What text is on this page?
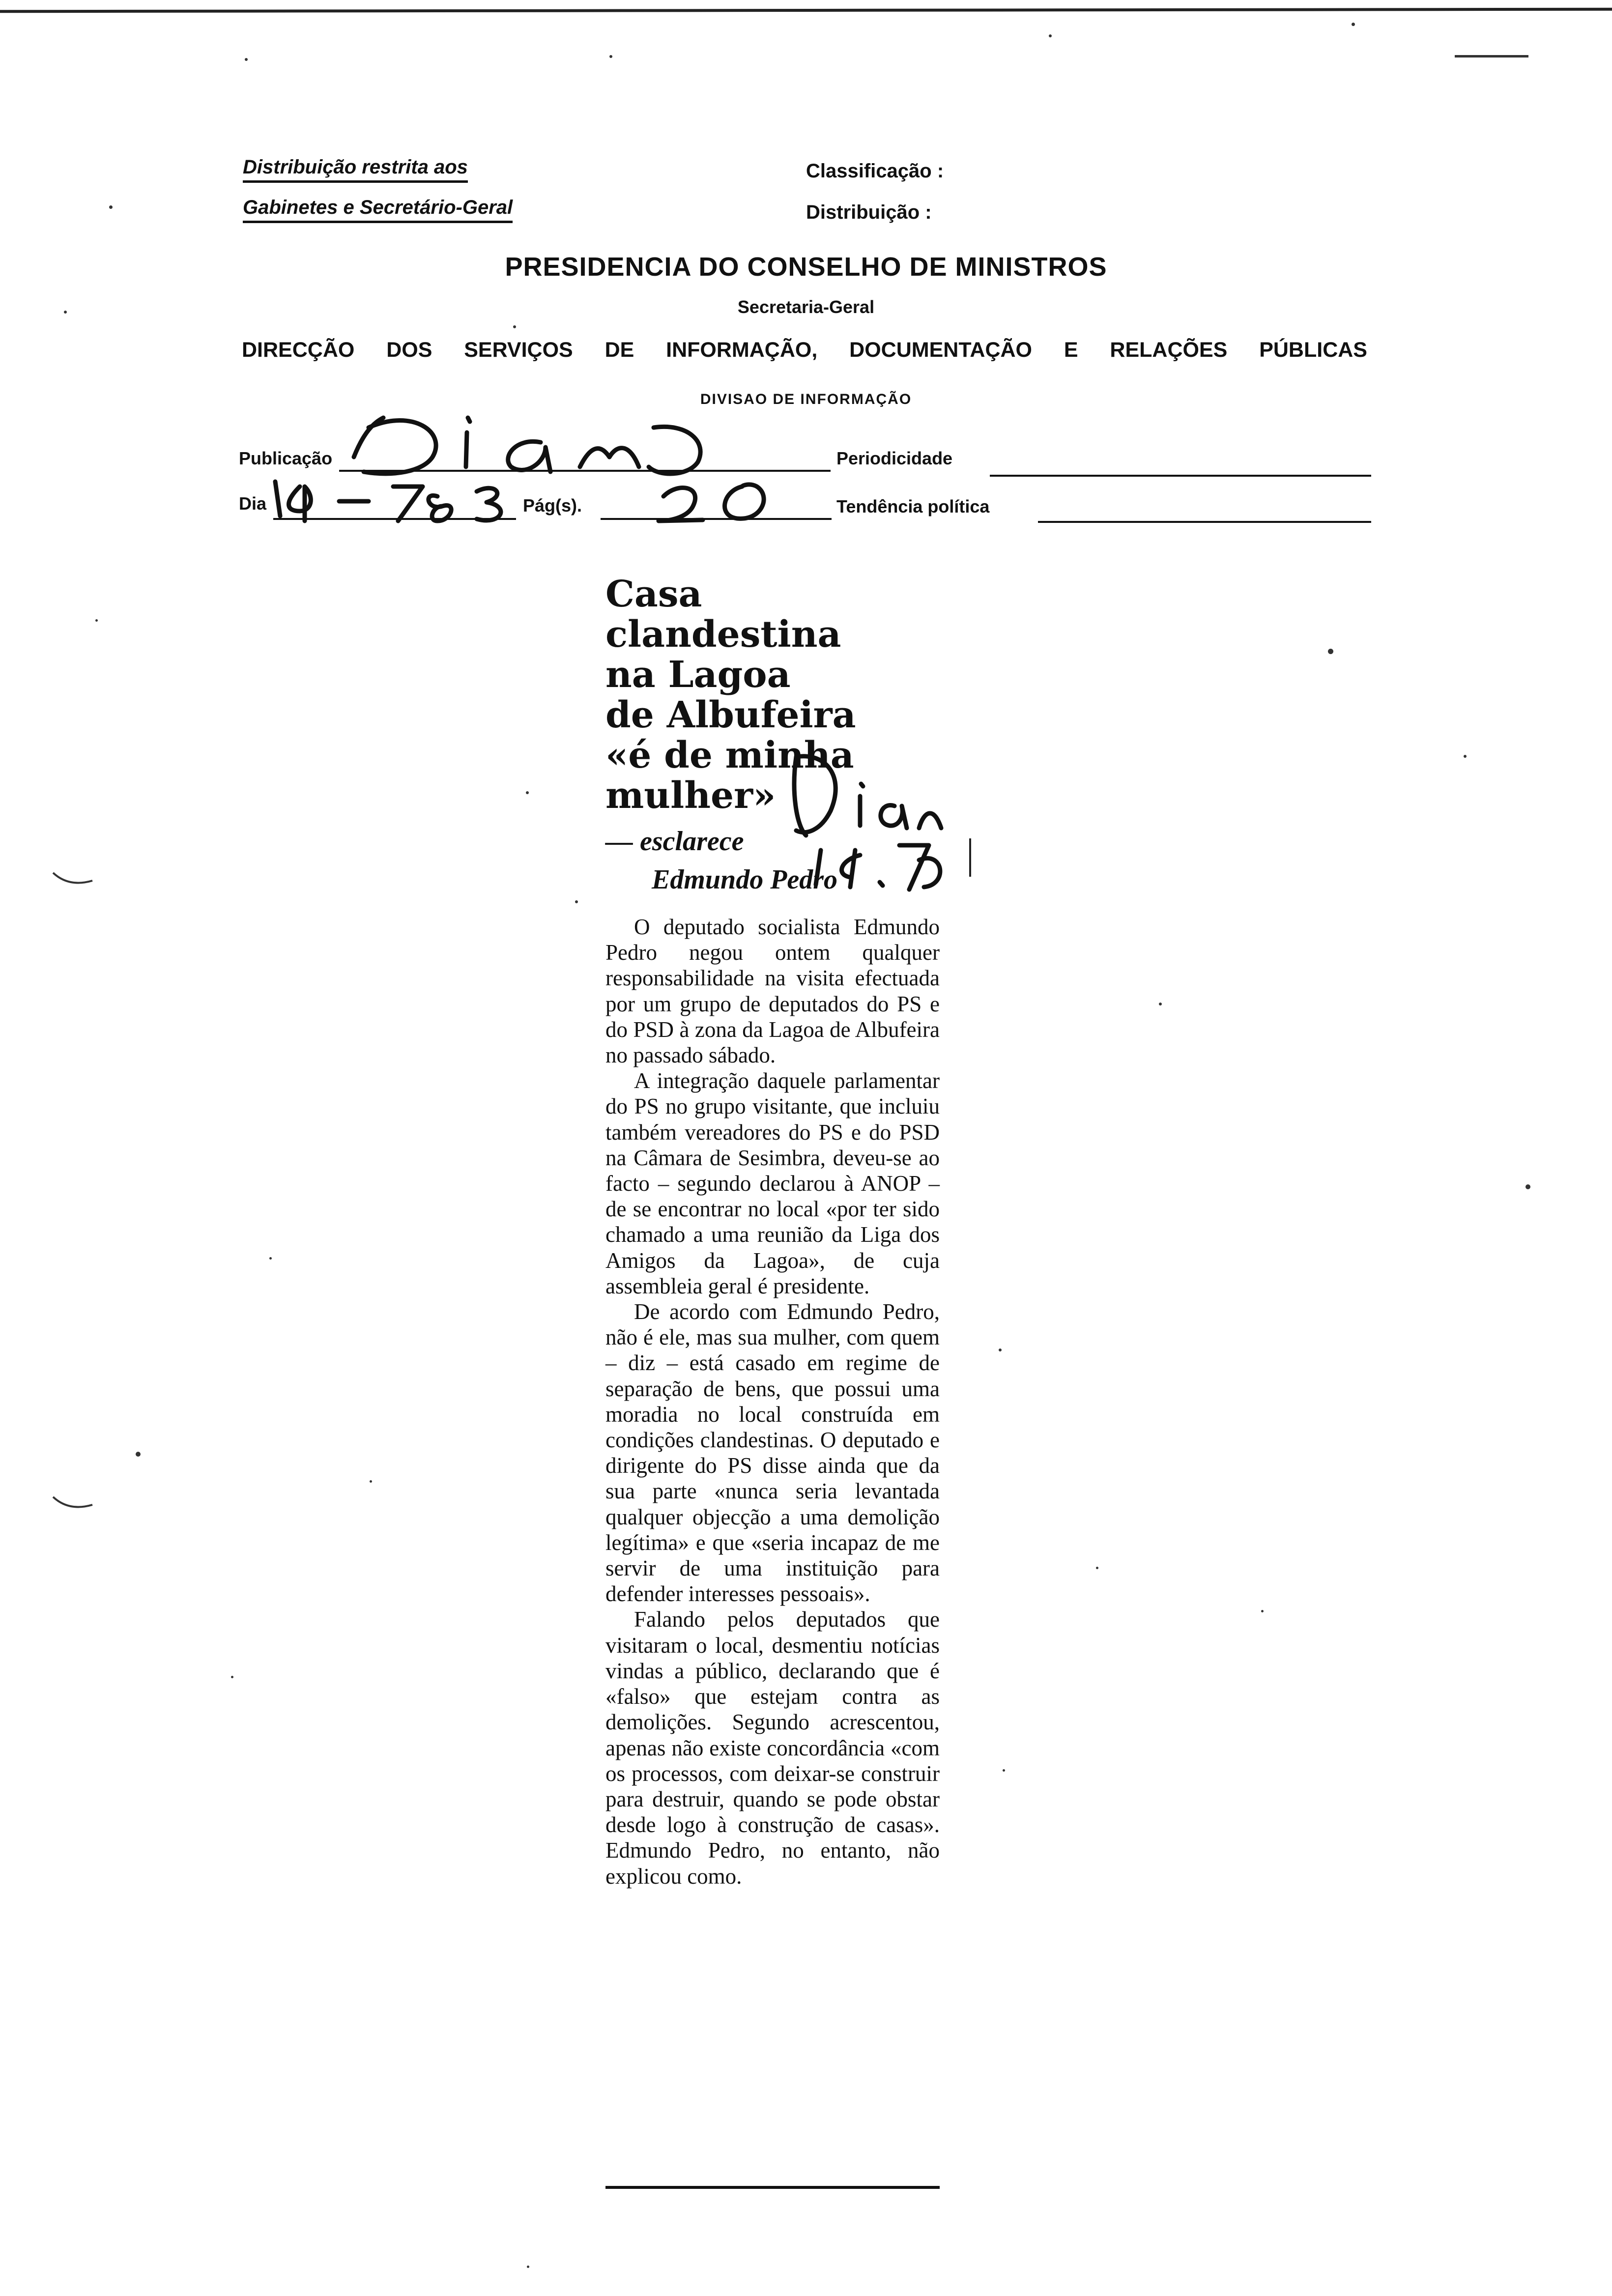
Distribuição restrita aos
Gabinetes e Secretário-Geral
Classificação :
Distribuição :
PRESIDENCIA DO CONSELHO DE MINISTROS
Secretaria-Geral
DIRECÇÃO DOS SERVIÇOS DE INFORMAÇÃO, DOCUMENTAÇÃO E RELAÇÕES PÚBLICAS
DIVISAO DE INFORMAÇÃO
Publicação	Periodicidade
Dia	Pág(s).	Tendência política
Casa
clandestina
na Lagoa
de Albufeira
«é de minha
mulher»
— esclarece
Edmundo Pedro

O deputado socialista Edmundo Pedro negou ontem qualquer responsabilidade na visita efectuada por um grupo de deputados do PS e do PSD à zona da Lagoa de Albufeira no passado sábado.

A integração daquele parlamentar do PS no grupo visitante, que incluiu também vereadores do PS e do PSD na Câmara de Sesimbra, deveu-se ao facto – segundo declarou à ANOP – de se encontrar no local «por ter sido chamado a uma reunião da Liga dos Amigos da Lagoa», de cuja assembleia geral é presidente.

De acordo com Edmundo Pedro, não é ele, mas sua mulher, com quem – diz – está casado em regime de separação de bens, que possui uma moradia no local construída em condições clandestinas. O deputado e dirigente do PS disse ainda que da sua parte «nunca seria levantada qualquer objecção a uma demolição legítima» e que «seria incapaz de me servir de uma instituição para defender interesses pessoais».

Falando pelos deputados que visitaram o local, desmentiu notícias vindas a público, declarando que é «falso» que estejam contra as demolições. Segundo acrescentou, apenas não existe concordância «com os processos, com deixar-se construir para destruir, quando se pode obstar desde logo à construção de casas». Edmundo Pedro, no entanto, não explicou como.
